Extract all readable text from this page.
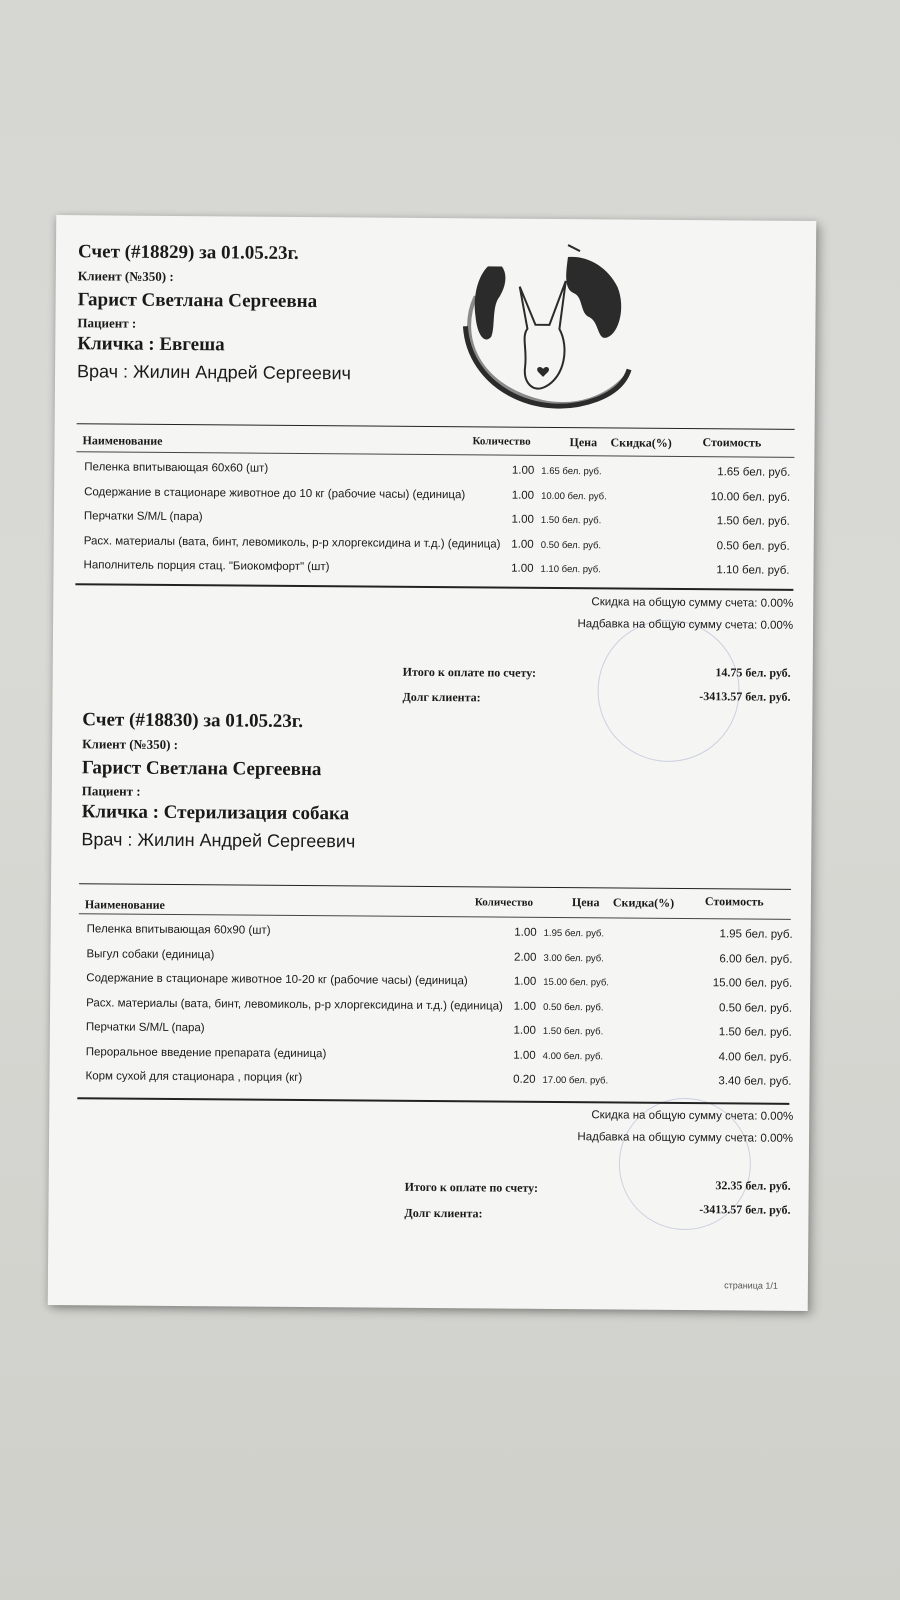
Счет (#18829) за 01.05.23г.
Клиент (№350) :
Гарист Светлана Сергеевна
Пациент :
Кличка : Евгеша
Врач : Жилин Андрей Сергеевич
Наименование	Количество	Цена Скидка(%)	Стоимость
Пеленка впитывающая 60х60 (шт)	1.00 1.65 бел. руб.	1.65 бел. руб.
Содержание в стационаре животное до 10 кг (рабочие часы) (единица)	1.00 10.00 бел. руб.	10.00 бел. руб.
Перчатки S/M/L (пара)	1.00 1.50 бел. руб.	1.50 бел. руб.
Расх. материалы (вата, бинт, левомиколь, р-р хлоргексидина и т.д.) (единица) 1.00 0.50 бел. руб.	0.50 бел. руб.
Наполнитель порция стац. "Биокомфорт" (шт)	1.00 1.10 бел. руб.	1.10 бел. руб.
Скидка на общую сумму счета: 0.00%
Надбавка на общую сумму счета: 0.00%
Итого к оплате по счету:	14.75 бел. руб.
Долг клиента:	-3413.57 бел. руб.
Счет (#18830) за 01.05.23г.
Клиент (№350) :
Гарист Светлана Сергеевна
Пациент :
Кличка : Стерилизация собака
Врач : Жилин Андрей Сергеевич
Наименование	Количество	Цена Скидка(%)	Стоимость
Пеленка впитывающая 60х90 (шт)	1.00 1.95 бел. руб.	1.95 бел. руб.
Выгул собаки (единица)	2.00 3.00 бел. руб.	6.00 бел. руб.
Содержание в стационаре животное 10-20 кг (рабочие часы) (единица)	1.00 15.00 бел. руб.	15.00 бел. руб.
Расх. материалы (вата, бинт, левомиколь, р-р хлоргексидина и т.д.) (единица) 1.00 0.50 бел. руб.	0.50 бел. руб.
Перчатки S/M/L (пара)	1.00 1.50 бел. руб.	1.50 бел. руб.
Пероральное введение препарата (единица)	1.00 4.00 бел. руб.	4.00 бел. руб.
Корм сухой для стационара , порция (кг)	0.20 17.00 бел. руб.	3.40 бел. руб.
Скидка на общую сумму счета: 0.00%
Надбавка на общую сумму счета: 0.00%
Итого к оплате по счету:	32.35 бел. руб.
Долг клиента:	-3413.57 бел. руб.
страница 1/1
